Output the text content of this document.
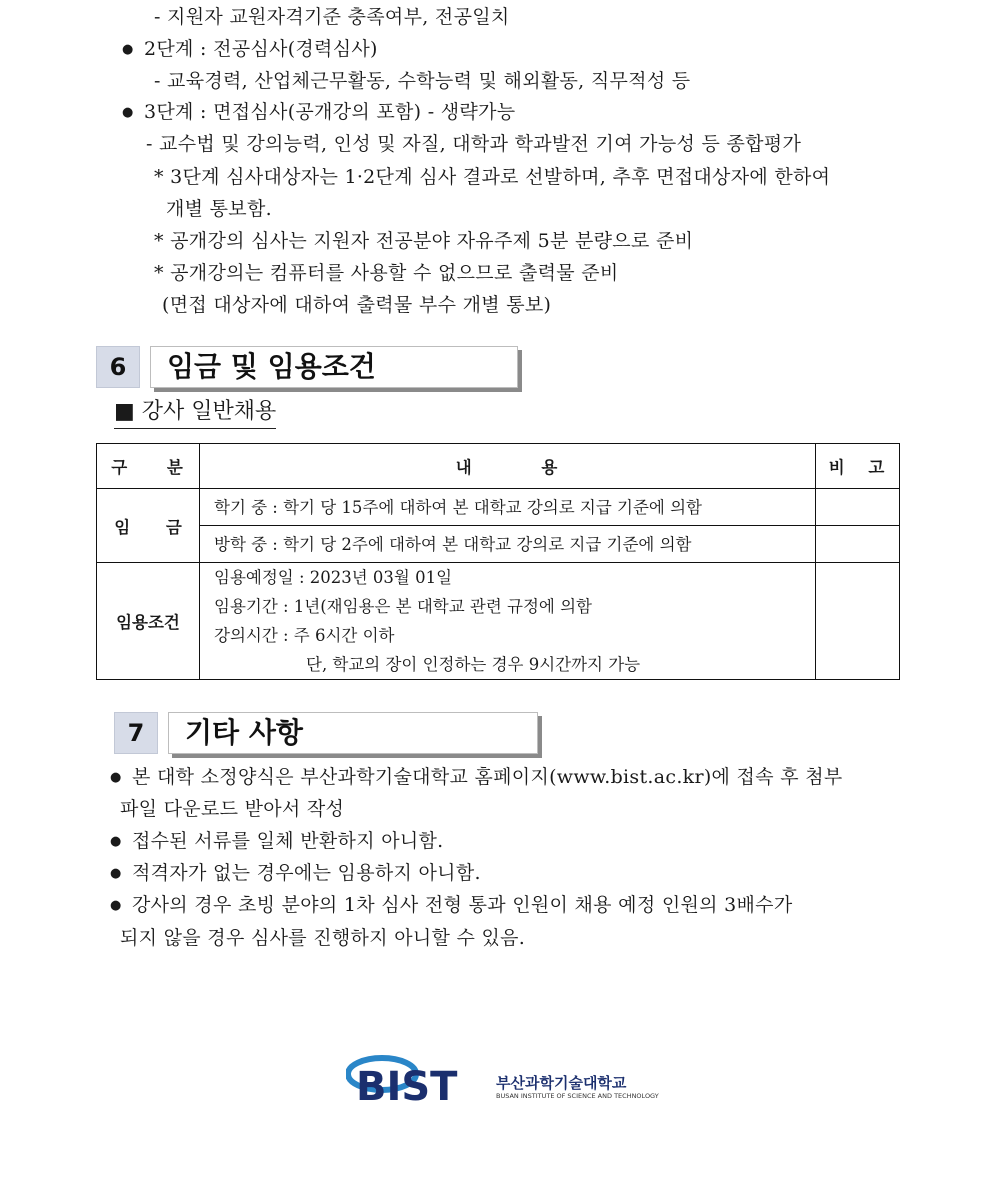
- 지원자 교원자격기준 충족여부, 전공일치
● 2단계 : 전공심사(경력심사)
- 교육경력, 산업체근무활동, 수학능력 및 해외활동, 직무적성 등
● 3단계 : 면접심사(공개강의 포함) - 생략가능
- 교수법 및 강의능력, 인성 및 자질, 대학과 학과발전 기여 가능성 등 종합평가
* 3단계 심사대상자는 1·2단계 심사 결과로 선발하며, 추후 면접대상자에 한하여
개별 통보함.
* 공개강의 심사는 지원자 전공분야 자유주제 5분 분량으로 준비
* 공개강의는 컴퓨터를 사용할 수 없으므로 출력물 준비
(면접 대상자에 대하여 출력물 부수 개별 통보)
6	임금 및 임용조건
■ 강사 일반채용
구 분	내 용	비 고
임 금	학기 중 : 학기 당 15주에 대하여 본 대학교 강의로 지급 기준에 의함	

	방학 중 : 학기 당 2주에 대하여 본 대학교 강의로 지급 기준에 의함	

임용조건	임용예정일 : 2023년 03월 01일
임용기간 : 1년(재임용은 본 대학교 관련 규정에 의함
강의시간 : 주 6시간 이하
단, 학교의 장이 인정하는 경우 9시간까지 가능	

7	기타 사항
● 본 대학 소정양식은 부산과학기술대학교 홈페이지(www.bist.ac.kr)에 접속 후 첨부
파일 다운로드 받아서 작성
● 접수된 서류를 일체 반환하지 아니함.
● 적격자가 없는 경우에는 임용하지 아니함.
● 강사의 경우 초빙 분야의 1차 심사 전형 통과 인원이 채용 예정 인원의 3배수가
되지 않을 경우 심사를 진행하지 아니할 수 있음.
BIST	부산과학기술대학교
BUSAN INSTITUTE OF SCIENCE AND TECHNOLOGY
